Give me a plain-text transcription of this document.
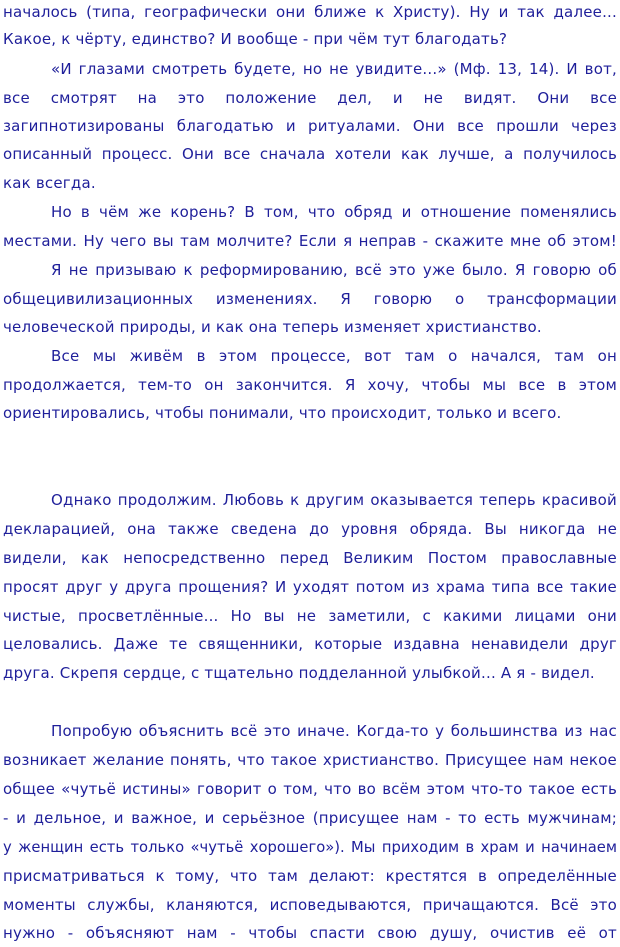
началось (типа, географически они ближе к Христу). Ну и так далее...
Какое, к чёрту, единство? И вообще - при чём тут благодать?
«И глазами смотреть будете, но не увидите...» (Мф. 13, 14). И вот,
все смотрят на это положение дел, и не видят. Они все
загипнотизированы благодатью и ритуалами. Они все прошли через
описанный процесс. Они все сначала хотели как лучше, а получилось
как всегда.
Но в чём же корень? В том, что обряд и отношение поменялись
местами. Ну чего вы там молчите? Если я неправ - скажите мне об этом!
Я не призываю к реформированию, всё это уже было. Я говорю об
общецивилизационных изменениях. Я говорю о трансформации
человеческой природы, и как она теперь изменяет христианство.
Все мы живём в этом процессе, вот там о начался, там он
продолжается, тем-то он закончится. Я хочу, чтобы мы все в этом
ориентировались, чтобы понимали, что происходит, только и всего.
Однако продолжим. Любовь к другим оказывается теперь красивой
декларацией, она также сведена до уровня обряда. Вы никогда не
видели, как непосредственно перед Великим Постом православные
просят друг у друга прощения? И уходят потом из храма типа все такие
чистые, просветлённые... Но вы не заметили, с какими лицами они
целовались. Даже те священники, которые издавна ненавидели друг
друга. Скрепя сердце, с тщательно подделанной улыбкой... А я - видел.
Попробую объяснить всё это иначе. Когда-то у большинства из нас
возникает желание понять, что такое христианство. Присущее нам некое
общее «чутьё истины» говорит о том, что во всём этом что-то такое есть
- и дельное, и важное, и серьёзное (присущее нам - то есть мужчинам;
у женщин есть только «чутьё хорошего»). Мы приходим в храм и начинаем
присматриваться к тому, что там делают: крестятся в определённые
моменты службы, кланяются, исповедываются, причащаются. Всё это
нужно - объясняют нам - чтобы спасти свою душу, очистив её от
